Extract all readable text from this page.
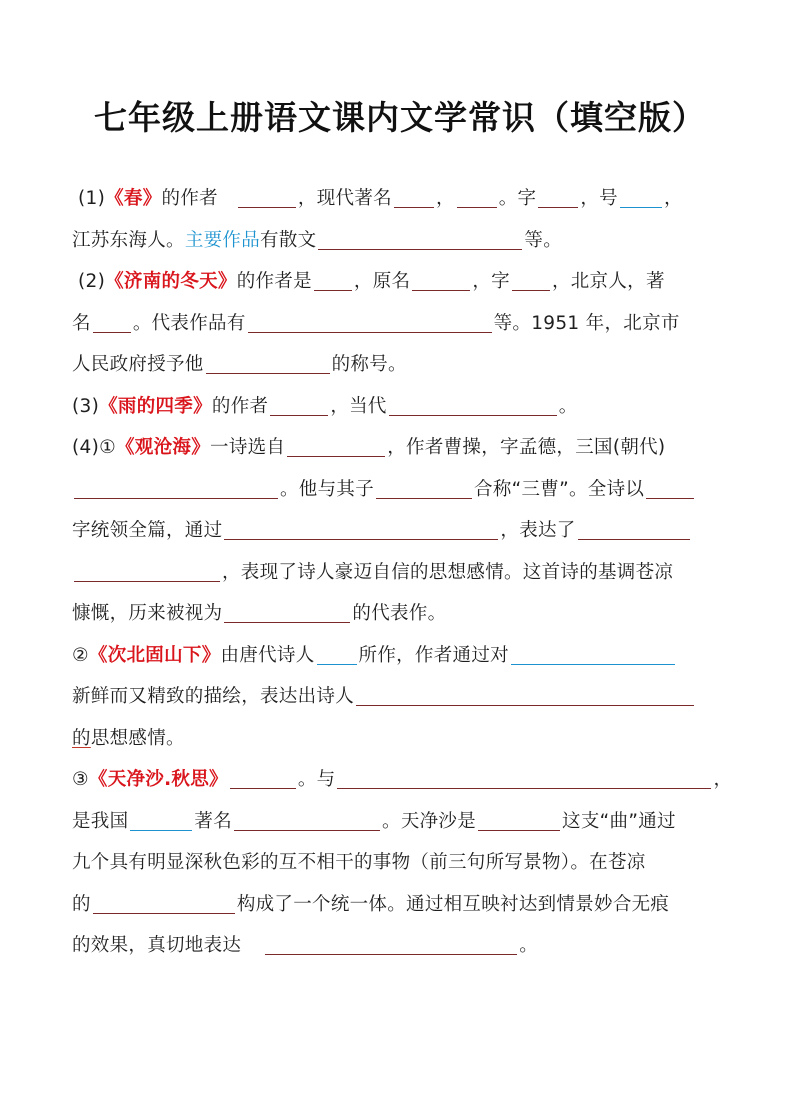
七年级上册语文课内文学常识（填空版）
(1)《春》的作者	，现代著名 ， 。字 ，号 ，
江苏东海人。主要作品有散文	等。
(2)《济南的冬天》的作者是 ，原名	，字 ，北京人，著
名 。代表作品有	等。1951 年，北京市
人民政府授予他	的称号。
(3)《雨的四季》的作者	，当代	。
(4)①《观沧海》一诗选自	，作者曹操，字孟德，三国(朝代)
。他与其子	合称“三曹”。全诗以
字统领全篇，通过	，表达了
，表现了诗人豪迈自信的思想感情。这首诗的基调苍凉
慷慨，历来被视为	的代表作。
②《次北固山下》由唐代诗人 所作，作者通过对
新鲜而又精致的描绘，表达出诗人
的思想感情。
③《天净沙.秋思》	。与	，
是我国	著名	。天净沙是	这支“曲”通过
九个具有明显深秋色彩的互不相干的事物（前三句所写景物）。在苍凉
的	构成了一个统一体。通过相互映衬达到情景妙合无痕
的效果，真切地表达	。
